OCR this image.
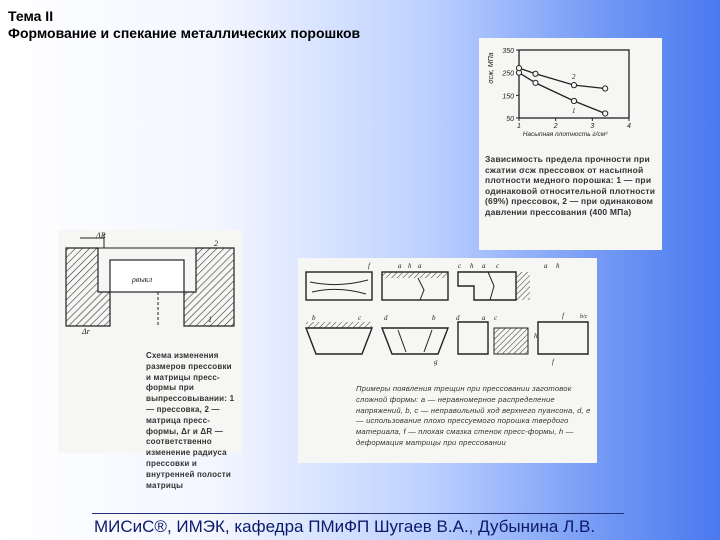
Тема II
Формование и спекание металлических порошков
σсж, МПа
Насыпная плотность г/см³
50
150
250
350
1	2	3	4
1
2
Зависимость предела прочности при сжатии σсж прессовок от насыпной плотности медного порошка: 1 — при одинаковой относительной плотности (69%) прессовок, 2 — при одинаковом давлении прессования (400 МПа)
ΔR
2
ρвыкл
1
Δr
Схема изменения размеров прессовки и матрицы пресс-формы при выпрессовывании: 1 — прессовка, 2 — матрица пресс-формы, Δr и ΔR — соответственно изменение радиуса прессовки и внутренней полости матрицы
f	a h a	c h a c	a h
b	c	d	b	d	a c
g
h
f
f
b/c
Примеры появления трещин при прессовании заготовок сложной формы: a — неравномерное распределение напряжений, b, c — неправильный ход верхнего пуансона, d, e — использование плохо прессуемого порошка твердого материала, f — плохая смазка стенок пресс-формы, h — деформация матрицы при прессовании
МИСиС®, ИМЭК, кафедра ПМиФП Шугаев В.А., Дубынина Л.В.
